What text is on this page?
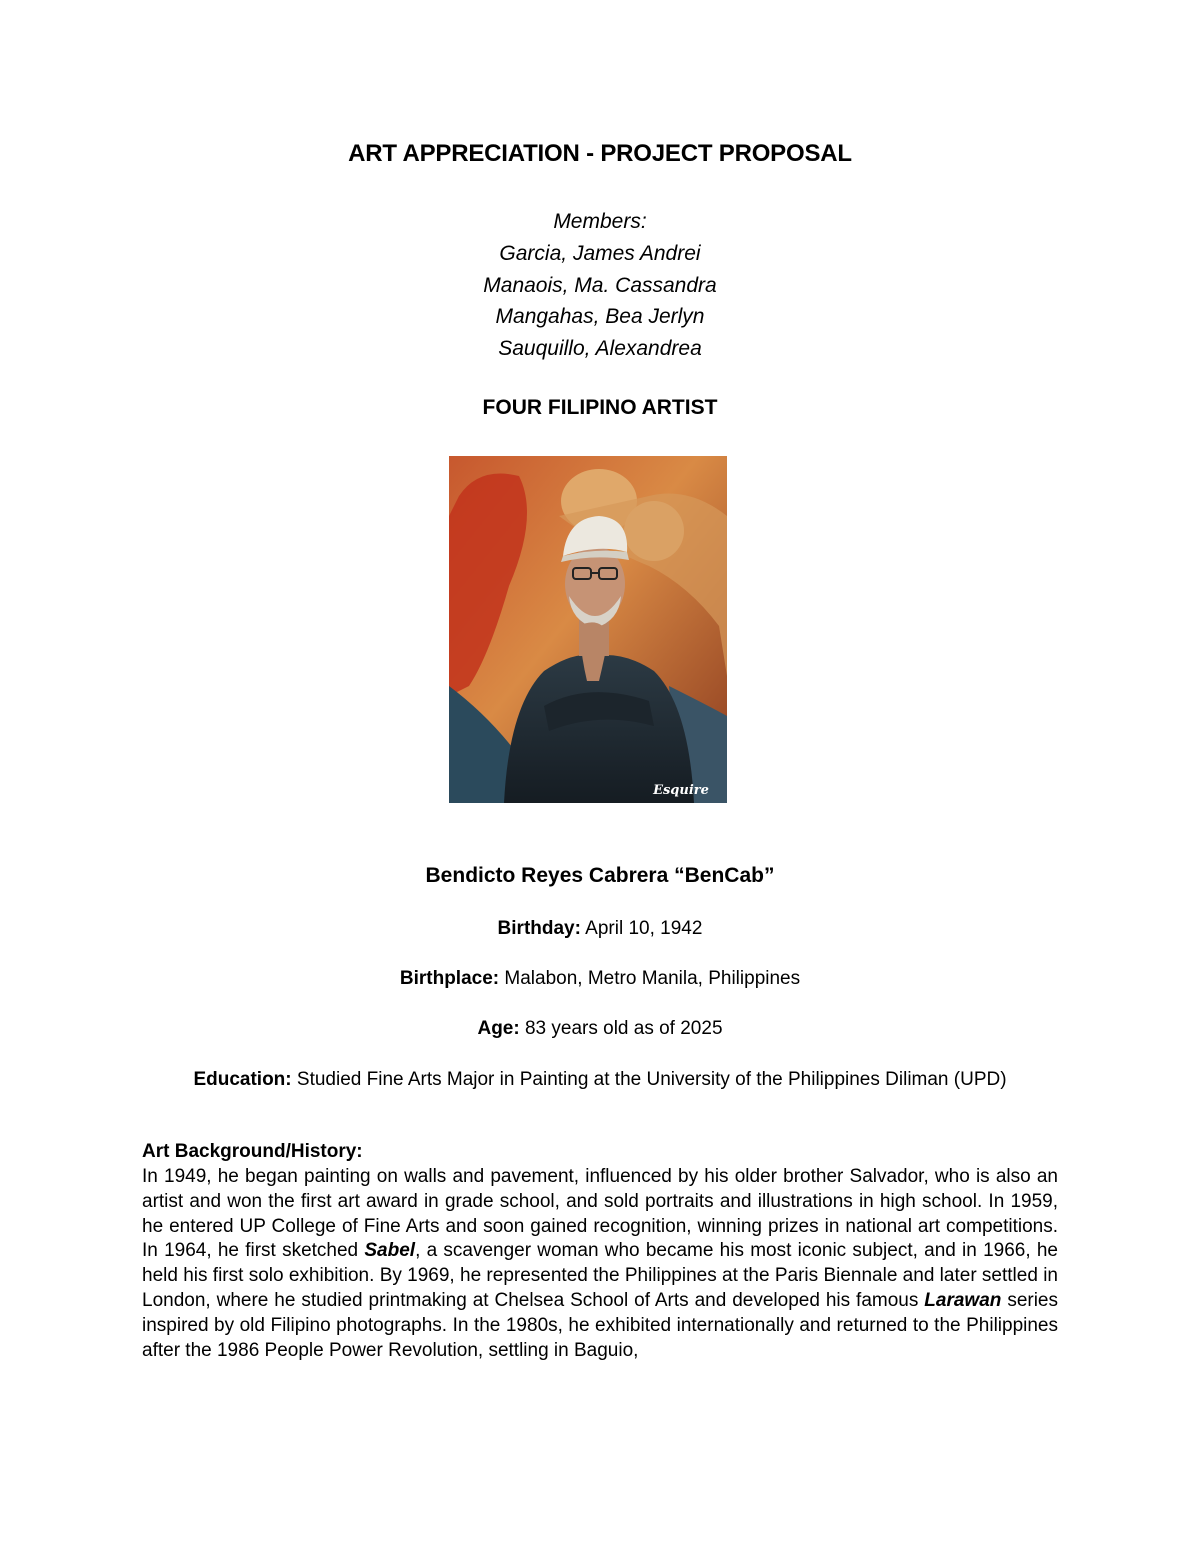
ART APPRECIATION - PROJECT PROPOSAL
Members:
Garcia, James Andrei
Manaois, Ma. Cassandra
Mangahas, Bea Jerlyn
Sauquillo, Alexandrea
FOUR FILIPINO ARTIST
Esquire
Bendicto Reyes Cabrera “BenCab”
Birthday: April 10, 1942
Birthplace: Malabon, Metro Manila, Philippines
Age: 83 years old as of 2025
Education: Studied Fine Arts Major in Painting at the University of the Philippines Diliman (UPD)
Art Background/History:
In 1949, he began painting on walls and pavement, influenced by his older brother Salvador, who is also an artist and won the first art award in grade school, and sold portraits and illustrations in high school. In 1959, he entered UP College of Fine Arts and soon gained recognition, winning prizes in national art competitions. In 1964, he first sketched Sabel, a scavenger woman who became his most iconic subject, and in 1966, he held his first solo exhibition. By 1969, he represented the Philippines at the Paris Biennale and later settled in London, where he studied printmaking at Chelsea School of Arts and developed his famous Larawan series inspired by old Filipino photographs. In the 1980s, he exhibited internationally and returned to the Philippines after the 1986 People Power Revolution, settling in Baguio,
